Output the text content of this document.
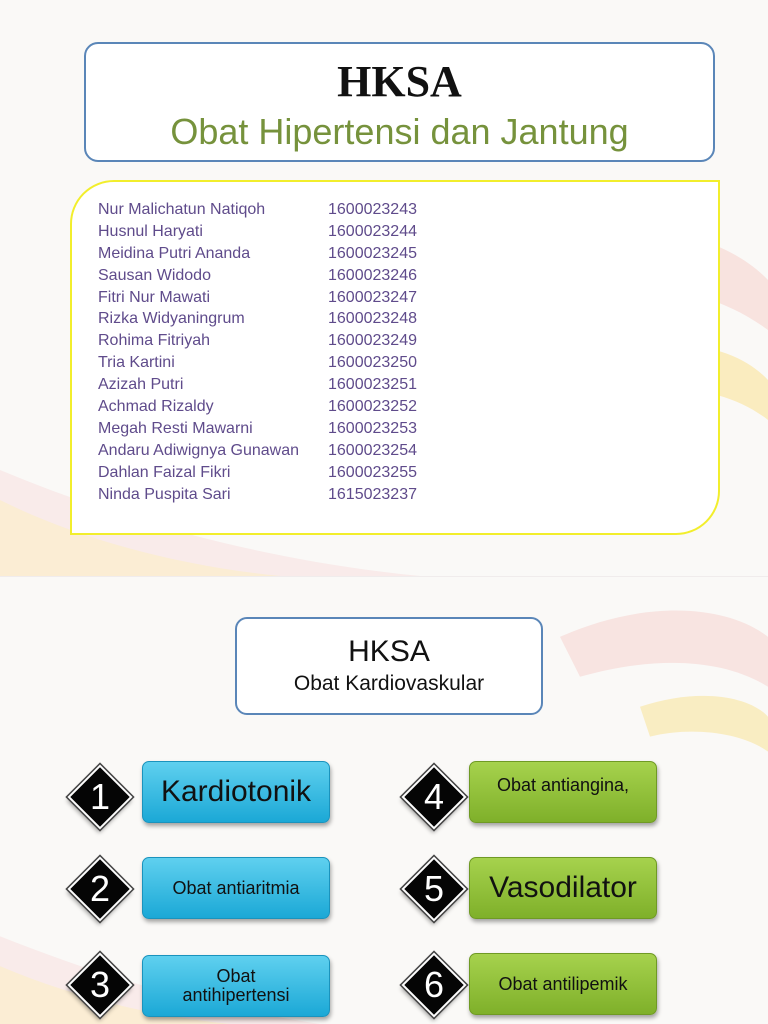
HKSA
Obat Hipertensi dan Jantung
Nur Malichatun Natiqoh	1600023243
Husnul Haryati	1600023244
Meidina Putri Ananda	1600023245
Sausan Widodo	1600023246
Fitri Nur Mawati	1600023247
Rizka Widyaningrum	1600023248
Rohima Fitriyah	1600023249
Tria Kartini	1600023250
Azizah Putri	1600023251
Achmad Rizaldy	1600023252
Megah Resti Mawarni	1600023253
Andaru Adiwignya Gunawan	1600023254
Dahlan Faizal Fikri	1600023255
Ninda Puspita Sari	1615023237
HKSA
Obat Kardiovaskular
1	Kardiotonik
2	Obat antiaritmia
3	Obat
antihipertensi
4	Obat antiangina,
5	Vasodilator
6	Obat antilipemik
